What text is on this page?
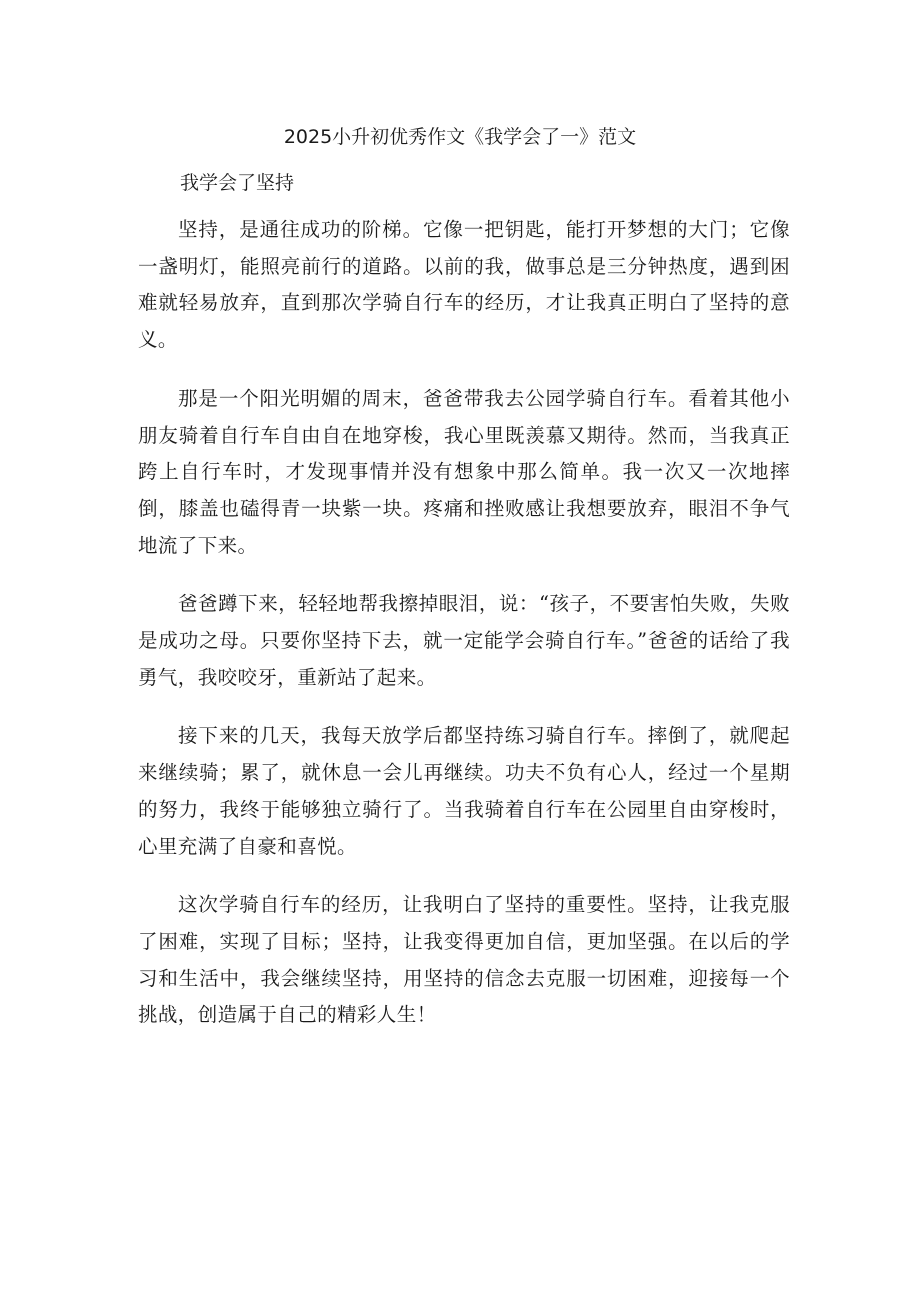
2025小升初优秀作文《我学会了一》范文
我学会了坚持

坚持，是通往成功的阶梯。它像一把钥匙，能打开梦想的大门；它像一盏明灯，能照亮前行的道路。以前的我，做事总是三分钟热度，遇到困难就轻易放弃，直到那次学骑自行车的经历，才让我真正明白了坚持的意义。

那是一个阳光明媚的周末，爸爸带我去公园学骑自行车。看着其他小朋友骑着自行车自由自在地穿梭，我心里既羡慕又期待。然而，当我真正跨上自行车时，才发现事情并没有想象中那么简单。我一次又一次地摔倒，膝盖也磕得青一块紫一块。疼痛和挫败感让我想要放弃，眼泪不争气地流了下来。

爸爸蹲下来，轻轻地帮我擦掉眼泪，说：“孩子，不要害怕失败，失败是成功之母。只要你坚持下去，就一定能学会骑自行车。”爸爸的话给了我勇气，我咬咬牙，重新站了起来。

接下来的几天，我每天放学后都坚持练习骑自行车。摔倒了，就爬起来继续骑；累了，就休息一会儿再继续。功夫不负有心人，经过一个星期的努力，我终于能够独立骑行了。当我骑着自行车在公园里自由穿梭时，心里充满了自豪和喜悦。

这次学骑自行车的经历，让我明白了坚持的重要性。坚持，让我克服了困难，实现了目标；坚持，让我变得更加自信，更加坚强。在以后的学习和生活中，我会继续坚持，用坚持的信念去克服一切困难，迎接每一个挑战，创造属于自己的精彩人生！
